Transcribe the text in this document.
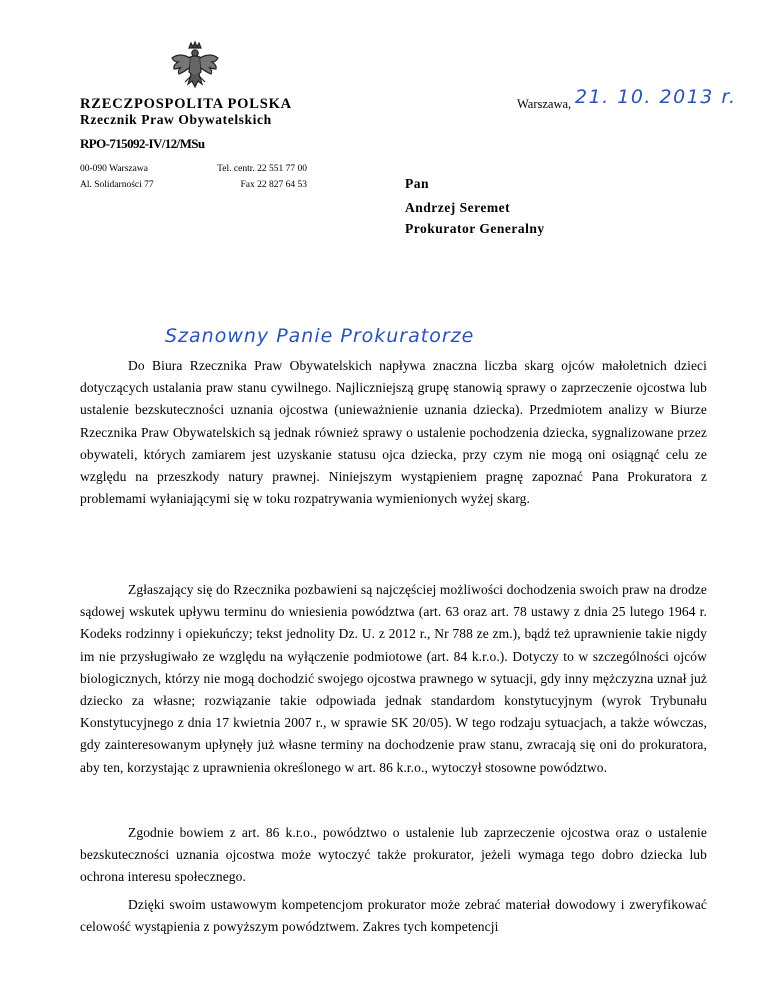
RZECZPOSPOLITA POLSKA
Rzecznik Praw Obywatelskich
RPO-715092-IV/12/MSu
00-090 Warszawa
Al. Solidarności 77
Tel. centr. 22 551 77 00
Fax 22 827 64 53
Warszawa, 21. 10. 2013 r.
Pan
Andrzej Seremet
Prokurator Generalny
Szanowny Panie Prokuratorze
Do Biura Rzecznika Praw Obywatelskich napływa znaczna liczba skarg ojców małoletnich dzieci dotyczących ustalania praw stanu cywilnego. Najliczniejszą grupę stanowią sprawy o zaprzeczenie ojcostwa lub ustalenie bezskuteczności uznania ojcostwa (unieważnienie uznania dziecka). Przedmiotem analizy w Biurze Rzecznika Praw Obywatelskich są jednak również sprawy o ustalenie pochodzenia dziecka, sygnalizowane przez obywateli, których zamiarem jest uzyskanie statusu ojca dziecka, przy czym nie mogą oni osiągnąć celu ze względu na przeszkody natury prawnej. Niniejszym wystąpieniem pragnę zapoznać Pana Prokuratora z problemami wyłaniającymi się w toku rozpatrywania wymienionych wyżej skarg.
Zgłaszający się do Rzecznika pozbawieni są najczęściej możliwości dochodzenia swoich praw na drodze sądowej wskutek upływu terminu do wniesienia powództwa (art. 63 oraz art. 78 ustawy z dnia 25 lutego 1964 r. Kodeks rodzinny i opiekuńczy; tekst jednolity Dz. U. z 2012 r., Nr 788 ze zm.), bądź też uprawnienie takie nigdy im nie przysługiwało ze względu na wyłączenie podmiotowe (art. 84 k.r.o.). Dotyczy to w szczególności ojców biologicznych, którzy nie mogą dochodzić swojego ojcostwa prawnego w sytuacji, gdy inny mężczyzna uznał już dziecko za własne; rozwiązanie takie odpowiada jednak standardom konstytucyjnym (wyrok Trybunału Konstytucyjnego z dnia 17 kwietnia 2007 r., w sprawie SK 20/05). W tego rodzaju sytuacjach, a także wówczas, gdy zainteresowanym upłynęły już własne terminy na dochodzenie praw stanu, zwracają się oni do prokuratora, aby ten, korzystając z uprawnienia określonego w art. 86 k.r.o., wytoczył stosowne powództwo.
Zgodnie bowiem z art. 86 k.r.o., powództwo o ustalenie lub zaprzeczenie ojcostwa oraz o ustalenie bezskuteczności uznania ojcostwa może wytoczyć także prokurator, jeżeli wymaga tego dobro dziecka lub ochrona interesu społecznego.
Dzięki swoim ustawowym kompetencjom prokurator może zebrać materiał dowodowy i zweryfikować celowość wystąpienia z powyższym powództwem. Zakres tych kompetencji
